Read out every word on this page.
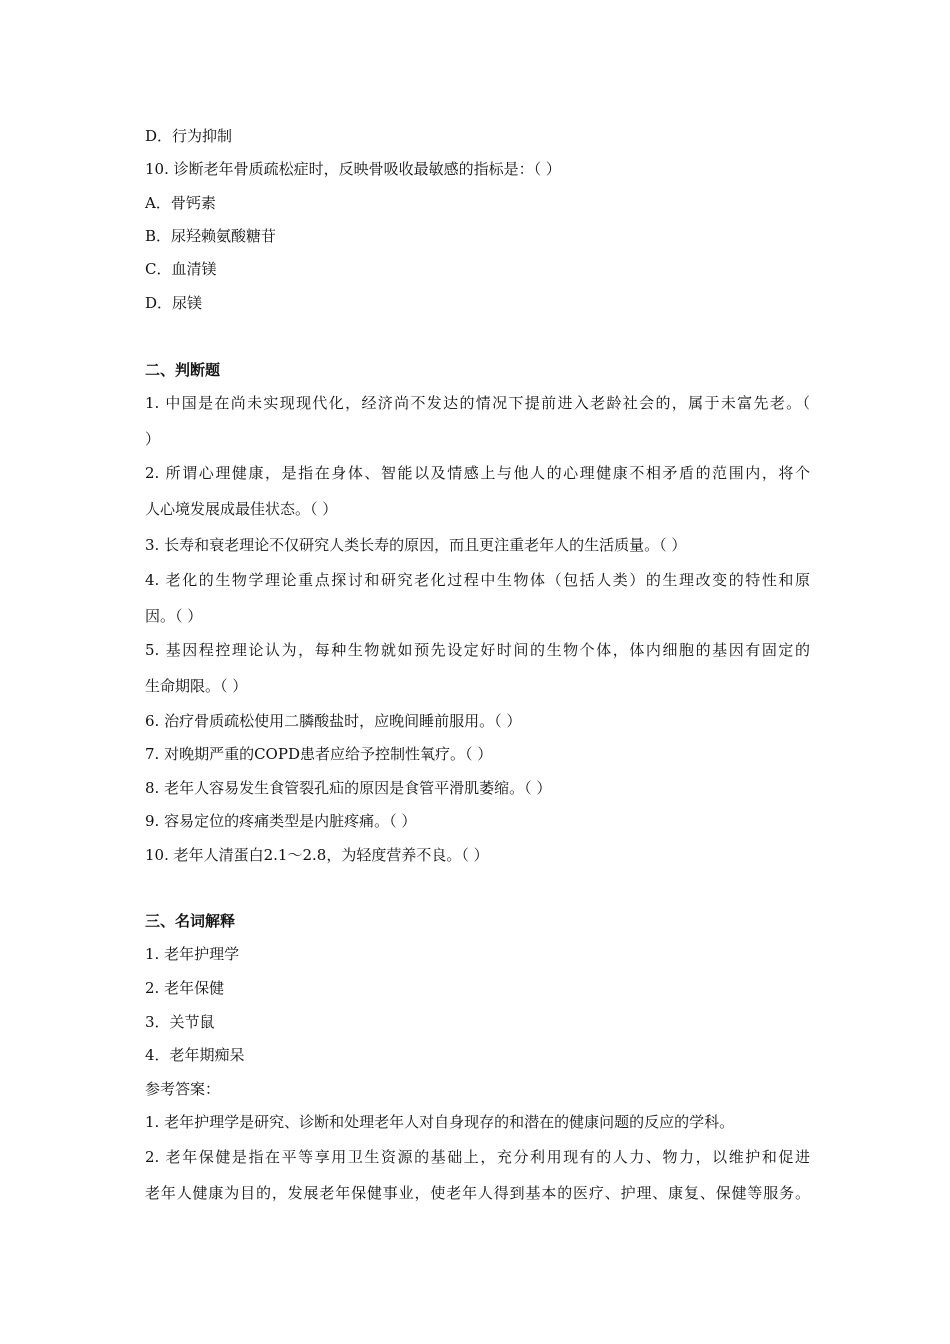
D．行为抑制
10. 诊断老年骨质疏松症时，反映骨吸收最敏感的指标是：（ ）
A．骨钙素
B．尿羟赖氨酸糖苷
C．血清镁
D．尿镁
二、判断题
1. 中国是在尚未实现现代化，经济尚不发达的情况下提前进入老龄社会的，属于未富先老。（
）
2. 所谓心理健康，是指在身体、智能以及情感上与他人的心理健康不相矛盾的范围内，将个
人心境发展成最佳状态。（ ）
3. 长寿和衰老理论不仅研究人类长寿的原因，而且更注重老年人的生活质量。（ ）
4. 老化的生物学理论重点探讨和研究老化过程中生物体（包括人类）的生理改变的特性和原
因。（ ）
5. 基因程控理论认为，每种生物就如预先设定好时间的生物个体，体内细胞的基因有固定的
生命期限。（ ）
6. 治疗骨质疏松使用二膦酸盐时，应晚间睡前服用。（ ）
7. 对晚期严重的COPD患者应给予控制性氧疗。（ ）
8. 老年人容易发生食管裂孔疝的原因是食管平滑肌萎缩。（ ）
9. 容易定位的疼痛类型是内脏疼痛。（ ）
10. 老年人清蛋白2.1～2.8，为轻度营养不良。（ ）
三、名词解释
1. 老年护理学
2. 老年保健
3．关节鼠
4．老年期痴呆
参考答案：
1. 老年护理学是研究、诊断和处理老年人对自身现存的和潜在的健康问题的反应的学科。
2. 老年保健是指在平等享用卫生资源的基础上，充分利用现有的人力、物力，以维护和促进
老年人健康为目的，发展老年保健事业，使老年人得到基本的医疗、护理、康复、保健等服务。
